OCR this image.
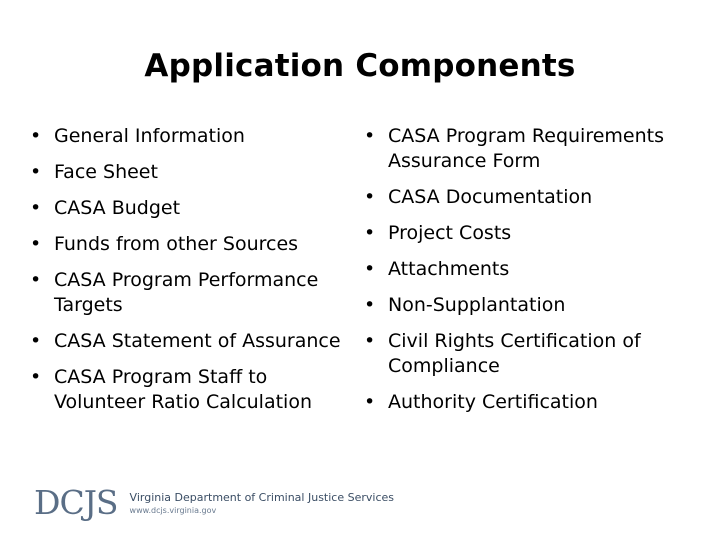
Application Components
• General Information
• Face Sheet
• CASA Budget
• Funds from other Sources
• CASA Program Performance Targets
• CASA Statement of Assurance
• CASA Program Staff to Volunteer Ratio Calculation
• CASA Program Requirements Assurance Form
• CASA Documentation
• Project Costs
• Attachments
• Non-Supplantation
• Civil Rights Certification of Compliance
• Authority Certification
DCJS Virginia Department of Criminal Justice Services
www.dcjs.virginia.gov
